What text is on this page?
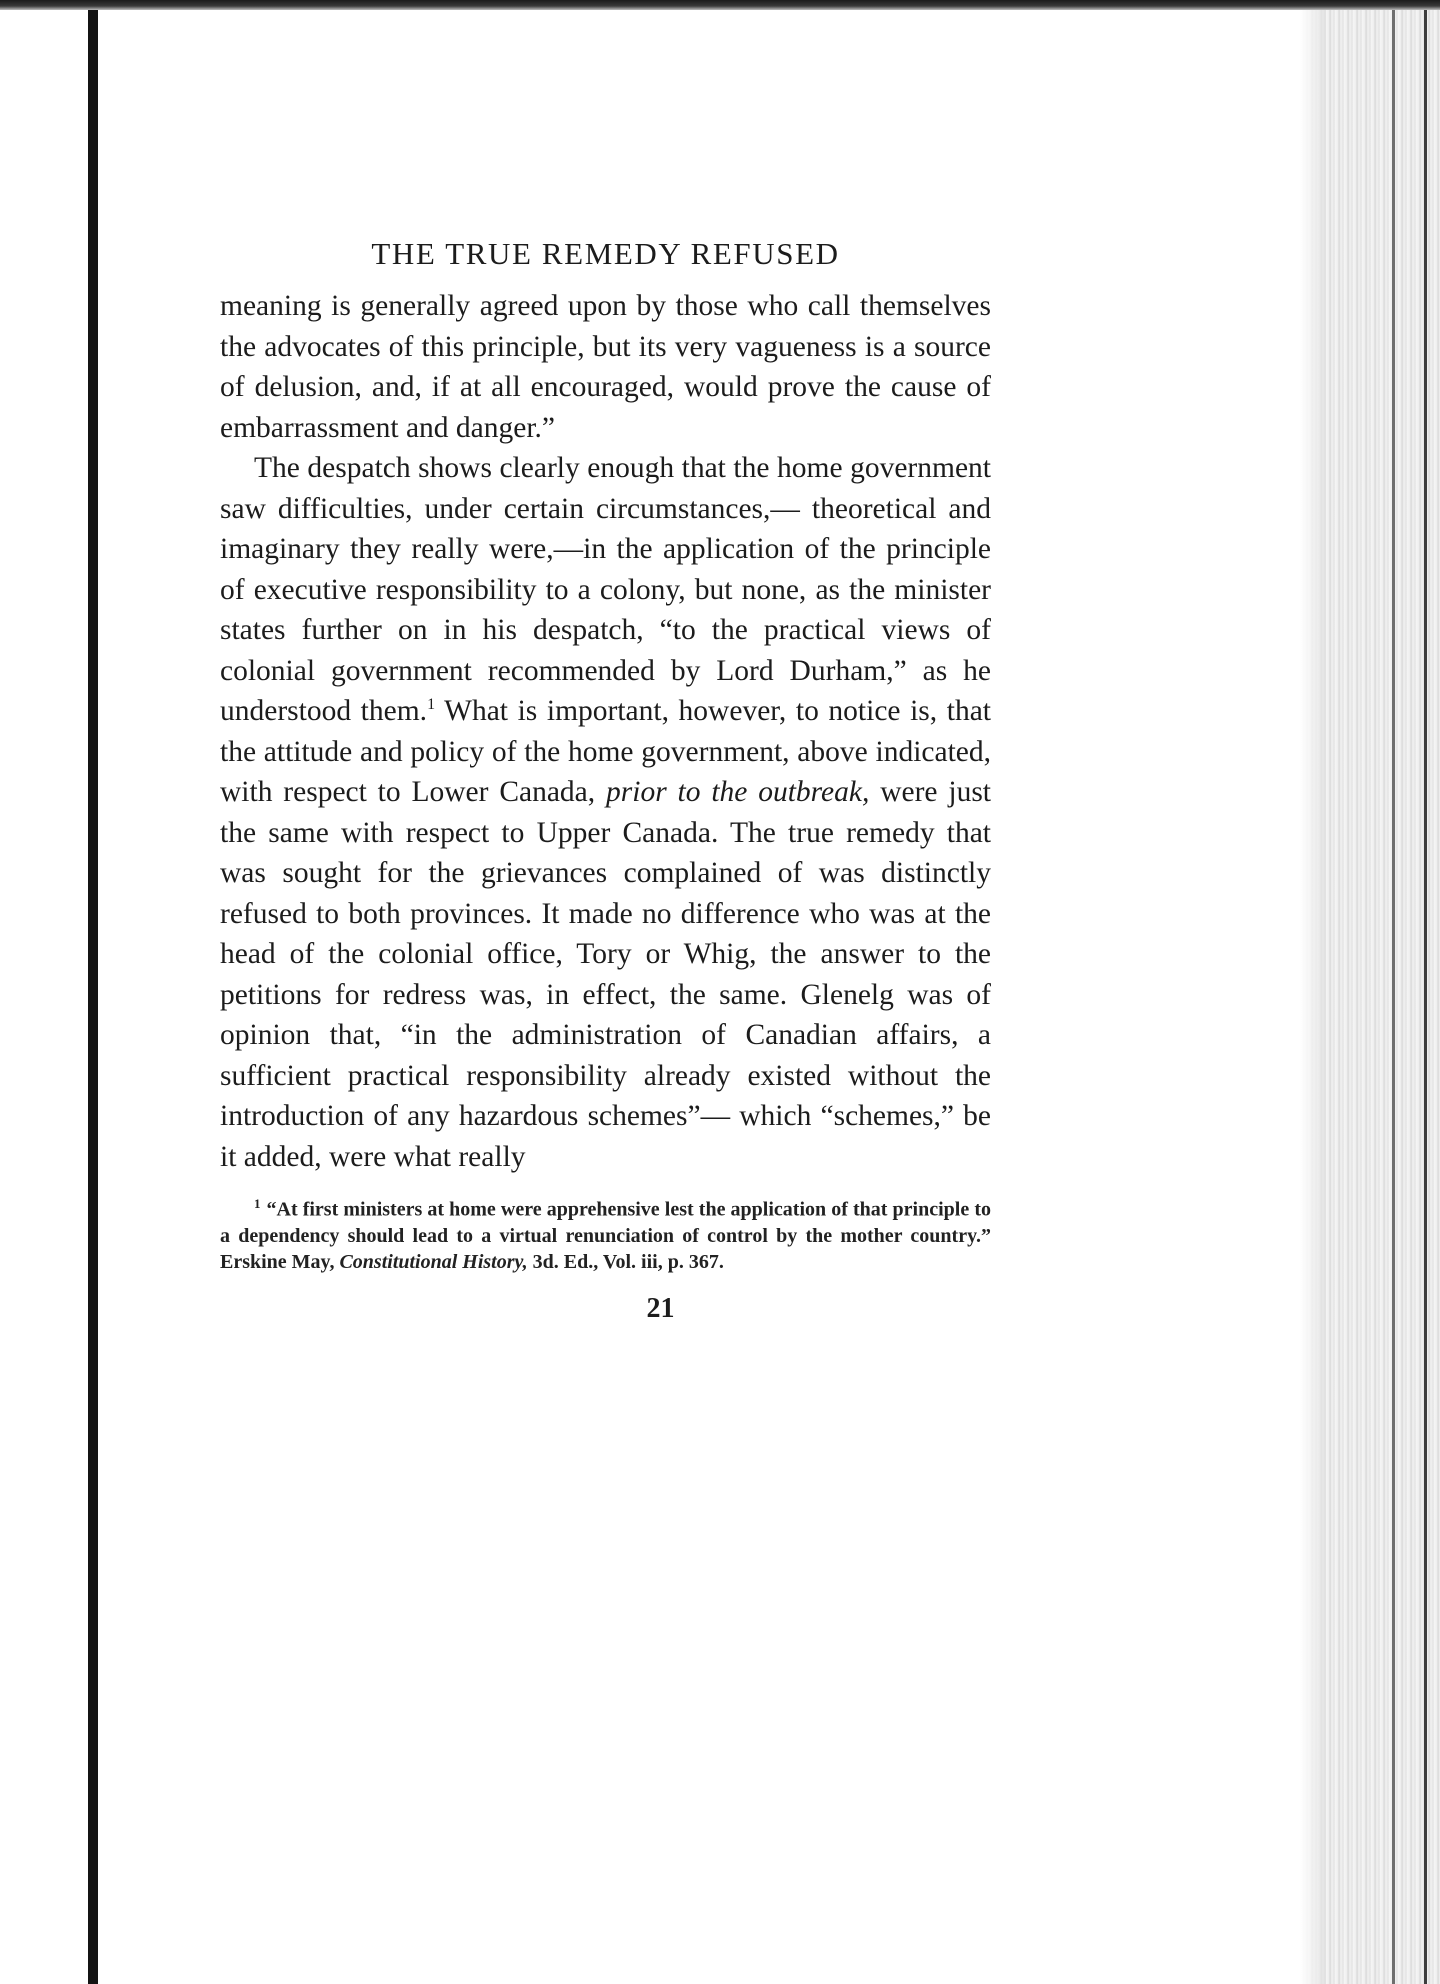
THE TRUE REMEDY REFUSED

meaning is generally agreed upon by those who call themselves the advocates of this principle, but its very vagueness is a source of delusion, and, if at all encouraged, would prove the cause of embarrassment and danger.”

The despatch shows clearly enough that the home government saw difficulties, under certain circumstances,— theoretical and imaginary they really were,—in the application of the principle of executive responsibility to a colony, but none, as the minister states further on in his despatch, “to the practical views of colonial government recommended by Lord Durham,” as he understood them.$^1$ What is important, however, to notice is, that the attitude and policy of the home government, above indicated, with respect to Lower Canada, prior to the outbreak, were just the same with respect to Upper Canada. The true remedy that was sought for the grievances complained of was distinctly refused to both provinces. It made no difference who was at the head of the colonial office, Tory or Whig, the answer to the petitions for redress was, in effect, the same. Glenelg was of opinion that, “in the administration of Canadian affairs, a sufficient practical responsibility already existed without the introduction of any hazardous schemes”— which “schemes,” be it added, were what really

$^1$ “At first ministers at home were apprehensive lest the application of that principle to a dependency should lead to a virtual renunciation of control by the mother country.” Erskine May, Constitutional History, 3d. Ed., Vol. iii, p. 367.
21
